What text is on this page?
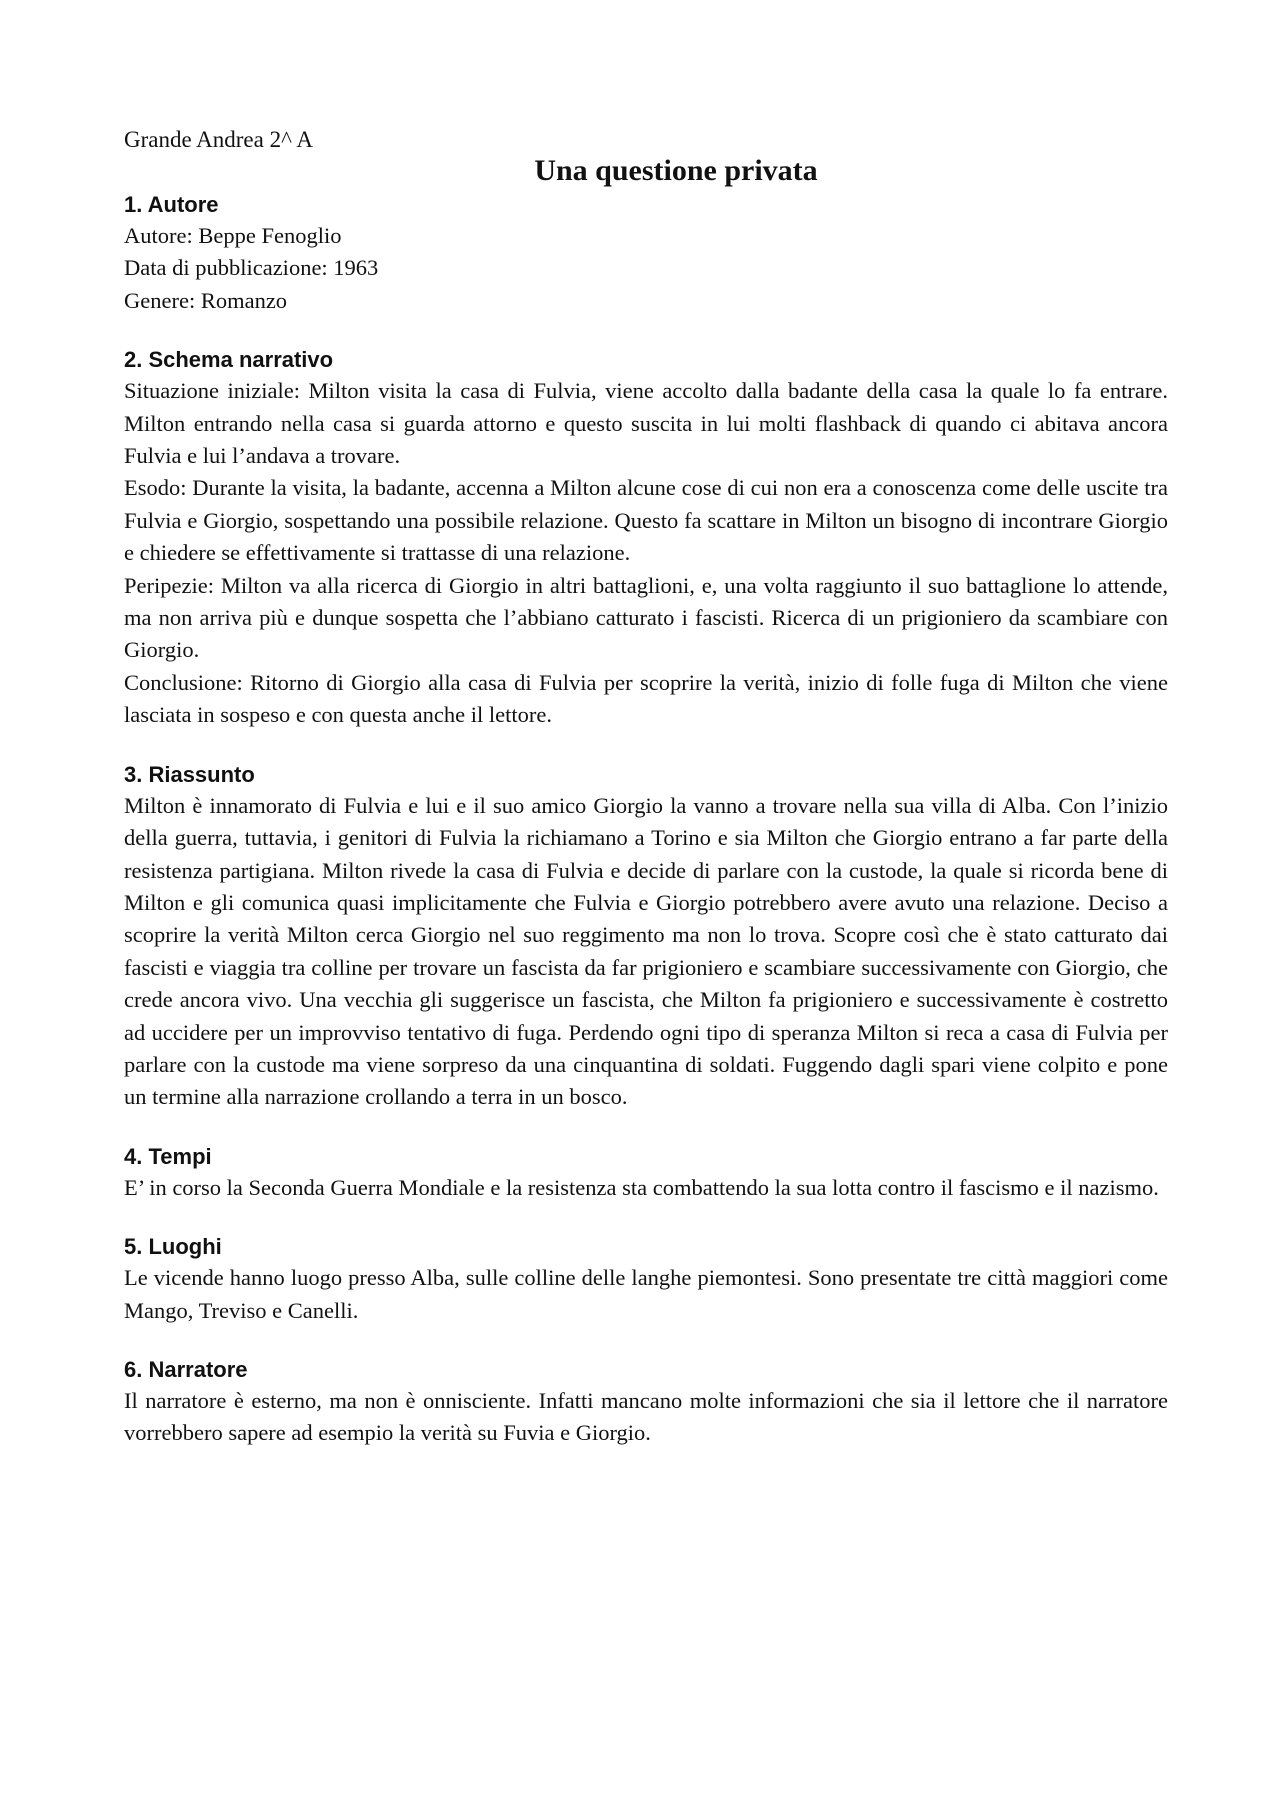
Grande Andrea 2^ A

Una questione privata
1. Autore

Autore: Beppe Fenoglio

Data di pubblicazione: 1963

Genere: Romanzo

2. Schema narrativo

Situazione iniziale: Milton visita la casa di Fulvia, viene accolto dalla badante della casa la quale lo fa entrare. Milton entrando nella casa si guarda attorno e questo suscita in lui molti flashback di quando ci abitava ancora Fulvia e lui l’andava a trovare.

Esodo: Durante la visita, la badante, accenna a Milton alcune cose di cui non era a conoscenza come delle uscite tra Fulvia e Giorgio, sospettando una possibile relazione. Questo fa scattare in Milton un bisogno di incontrare Giorgio e chiedere se effettivamente si trattasse di una relazione.

Peripezie: Milton va alla ricerca di Giorgio in altri battaglioni, e, una volta raggiunto il suo battaglione lo attende, ma non arriva più e dunque sospetta che l’abbiano catturato i fascisti. Ricerca di un prigioniero da scambiare con Giorgio.

Conclusione: Ritorno di Giorgio alla casa di Fulvia per scoprire la verità, inizio di folle fuga di Milton che viene lasciata in sospeso e con questa anche il lettore.

3. Riassunto

Milton è innamorato di Fulvia e lui e il suo amico Giorgio la vanno a trovare nella sua villa di Alba. Con l’inizio della guerra, tuttavia, i genitori di Fulvia la richiamano a Torino e sia Milton che Giorgio entrano a far parte della resistenza partigiana. Milton rivede la casa di Fulvia e decide di parlare con la custode, la quale si ricorda bene di Milton e gli comunica quasi implicitamente che Fulvia e Giorgio potrebbero avere avuto una relazione. Deciso a scoprire la verità Milton cerca Giorgio nel suo reggimento ma non lo trova. Scopre così che è stato catturato dai fascisti e viaggia tra colline per trovare un fascista da far prigioniero e scambiare successivamente con Giorgio, che crede ancora vivo. Una vecchia gli suggerisce un fascista, che Milton fa prigioniero e successivamente è costretto ad uccidere per un improvviso tentativo di fuga. Perdendo ogni tipo di speranza Milton si reca a casa di Fulvia per parlare con la custode ma viene sorpreso da una cinquantina di soldati. Fuggendo dagli spari viene colpito e pone un termine alla narrazione crollando a terra in un bosco.

4. Tempi

E’ in corso la Seconda Guerra Mondiale e la resistenza sta combattendo la sua lotta contro il fascismo e il nazismo.

5. Luoghi

Le vicende hanno luogo presso Alba, sulle colline delle langhe piemontesi. Sono presentate tre città maggiori come Mango, Treviso e Canelli.

6. Narratore

Il narratore è esterno, ma non è onnisciente. Infatti mancano molte informazioni che sia il lettore che il narratore vorrebbero sapere ad esempio la verità su Fuvia e Giorgio.
